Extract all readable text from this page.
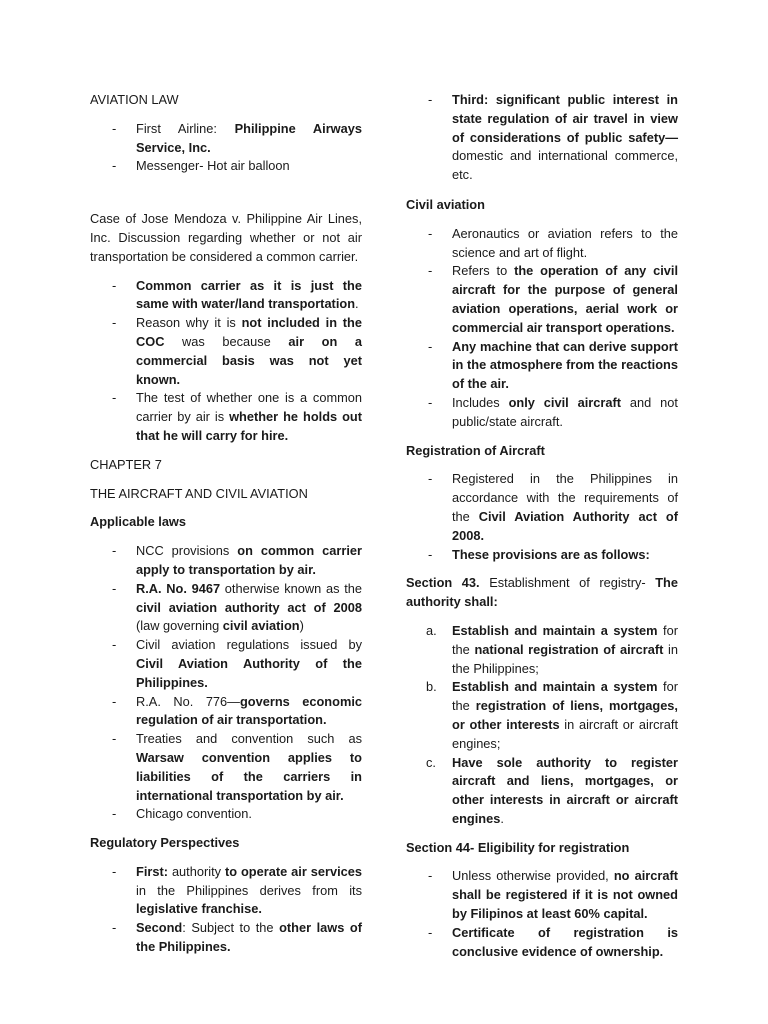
AVIATION LAW

- First Airline: Philippine Airways Service, Inc.
- Messenger- Hot air balloon

Case of Jose Mendoza v. Philippine Air Lines, Inc. Discussion regarding whether or not air transportation be considered a common carrier.

- Common carrier as it is just the same with water/land transportation.
- Reason why it is not included in the COC was because air on a commercial basis was not yet known.
- The test of whether one is a common carrier by air is whether he holds out that he will carry for hire.

CHAPTER 7

THE AIRCRAFT AND CIVIL AVIATION

Applicable laws

- NCC provisions on common carrier apply to transportation by air.
- R.A. No. 9467 otherwise known as the civil aviation authority act of 2008 (law governing civil aviation)
- Civil aviation regulations issued by Civil Aviation Authority of the Philippines.
- R.A. No. 776—governs economic regulation of air transportation.
- Treaties and convention such as Warsaw convention applies to liabilities of the carriers in international transportation by air.
- Chicago convention.

Regulatory Perspectives

- First: authority to operate air services in the Philippines derives from its legislative franchise.
- Second: Subject to the other laws of the Philippines.
- Third: significant public interest in state regulation of air travel in view of considerations of public safety— domestic and international commerce, etc.

Civil aviation

- Aeronautics or aviation refers to the science and art of flight.
- Refers to the operation of any civil aircraft for the purpose of general aviation operations, aerial work or commercial air transport operations.
- Any machine that can derive support in the atmosphere from the reactions of the air.
- Includes only civil aircraft and not public/state aircraft.

Registration of Aircraft

- Registered in the Philippines in accordance with the requirements of the Civil Aviation Authority act of 2008.
- These provisions are as follows:

Section 43. Establishment of registry- The authority shall:

a. Establish and maintain a system for the national registration of aircraft in the Philippines;
b. Establish and maintain a system for the registration of liens, mortgages, or other interests in aircraft or aircraft engines;
c. Have sole authority to register aircraft and liens, mortgages, or other interests in aircraft or aircraft engines.

Section 44- Eligibility for registration

- Unless otherwise provided, no aircraft shall be registered if it is not owned by Filipinos at least 60% capital.
- Certificate of registration is conclusive evidence of ownership.
